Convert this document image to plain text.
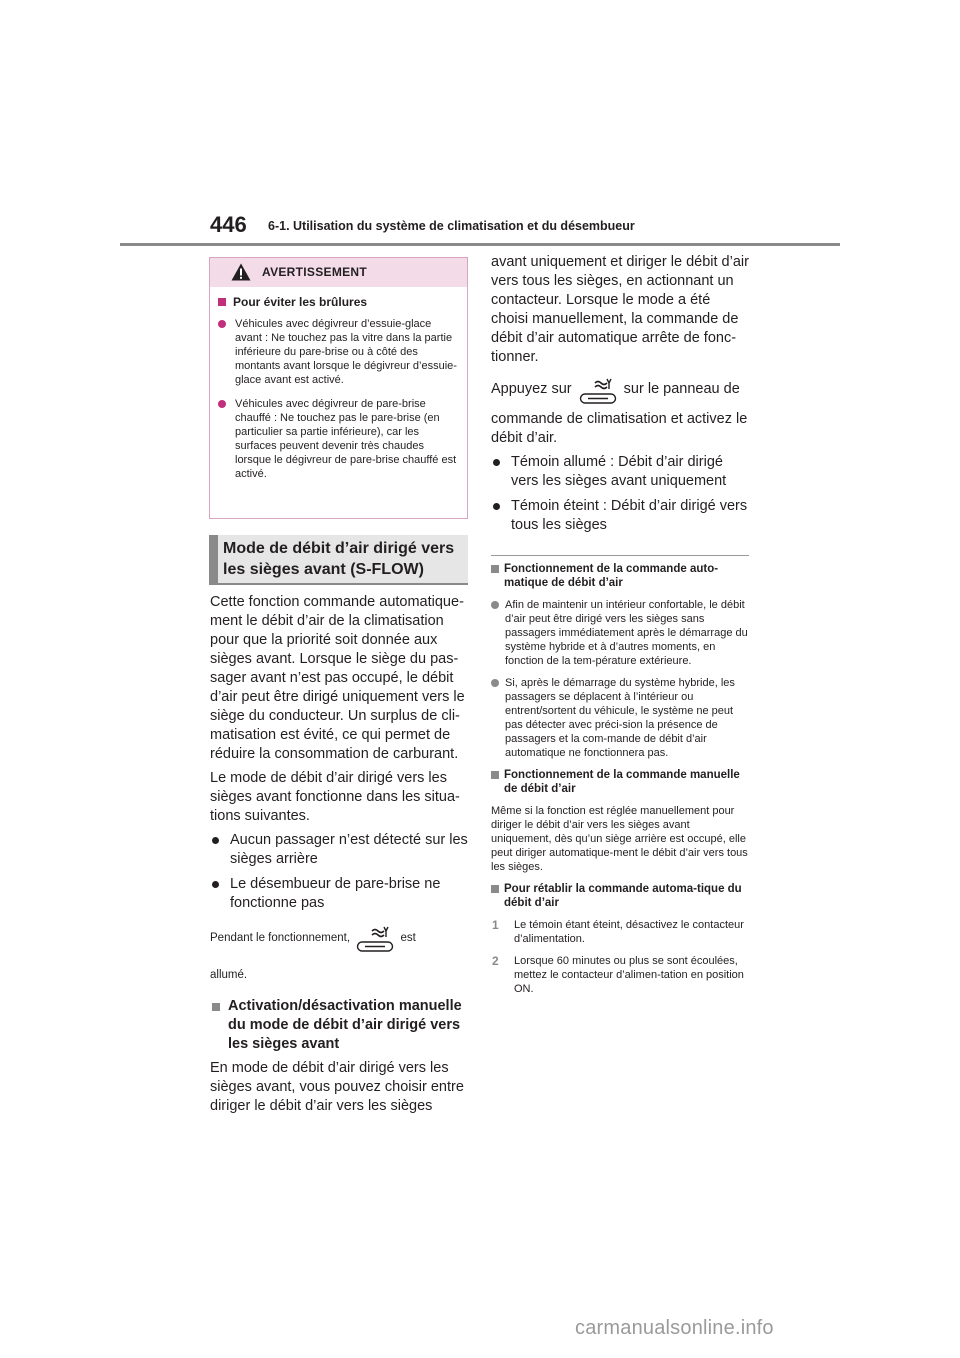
446 6-1. Utilisation du système de climatisation et du désembueur
AVERTISSEMENT
Pour éviter les brûlures
Véhicules avec dégivreur d’essuie-glace avant : Ne touchez pas la vitre dans la partie inférieure du pare-brise ou à côté des montants avant lorsque le dégivreur d’essuie-glace avant est activé.
Véhicules avec dégivreur de pare-brise chauffé : Ne touchez pas le pare-brise (en particulier sa partie inférieure), car les surfaces peuvent devenir très chaudes lorsque le dégivreur de pare-brise chauffé est activé.
Mode de débit d’air dirigé vers les sièges avant (S-FLOW)

Cette fonction commande automatique-ment le débit d’air de la climatisation pour que la priorité soit donnée aux sièges avant. Lorsque le siège du pas-sager avant n’est pas occupé, le débit d’air peut être dirigé uniquement vers le siège du conducteur. Un surplus de cli-matisation est évité, ce qui permet de réduire la consommation de carburant.

Le mode de débit d’air dirigé vers les sièges avant fonctionne dans les situa-tions suivantes.

Aucun passager n’est détecté sur les sièges arrière
Le désembueur de pare-brise ne fonctionne pas
Pendant le fonctionnement,	est

allumé.
Activation/désactivation manuelle du mode de débit d’air dirigé vers les sièges avant

En mode de débit d’air dirigé vers les sièges avant, vous pouvez choisir entre diriger le débit d’air vers les sièges

avant uniquement et diriger le débit d’air vers tous les sièges, en actionnant un contacteur. Lorsque le mode a été choisi manuellement, la commande de débit d’air automatique arrête de fonc-tionner.

Appuyez sur	sur le panneau de

commande de climatisation et activez le débit d’air.

Témoin allumé : Débit d’air dirigé vers les sièges avant uniquement
Témoin éteint : Débit d’air dirigé vers tous les sièges
Fonctionnement de la commande auto-matique de débit d’air
Afin de maintenir un intérieur confortable, le débit d’air peut être dirigé vers les sièges sans passagers immédiatement après le démarrage du système hybride et à d’autres moments, en fonction de la tem-pérature extérieure.
Si, après le démarrage du système hybride, les passagers se déplacent à l’intérieur ou entrent/sortent du véhicule, le système ne peut pas détecter avec préci-sion la présence de passagers et la com-mande de débit d’air automatique ne fonctionnera pas.
Fonctionnement de la commande manuelle de débit d’air
Même si la fonction est réglée manuellement pour diriger le débit d’air vers les sièges avant uniquement, dès qu’un siège arrière est occupé, elle peut diriger automatique-ment le débit d’air vers tous les sièges.
Pour rétablir la commande automa-tique du débit d’air
1	Le témoin étant éteint, désactivez le contacteur d’alimentation.
2	Lorsque 60 minutes ou plus se sont écoulées, mettez le contacteur d’alimen-tation en position ON.
carmanualsonline.info
